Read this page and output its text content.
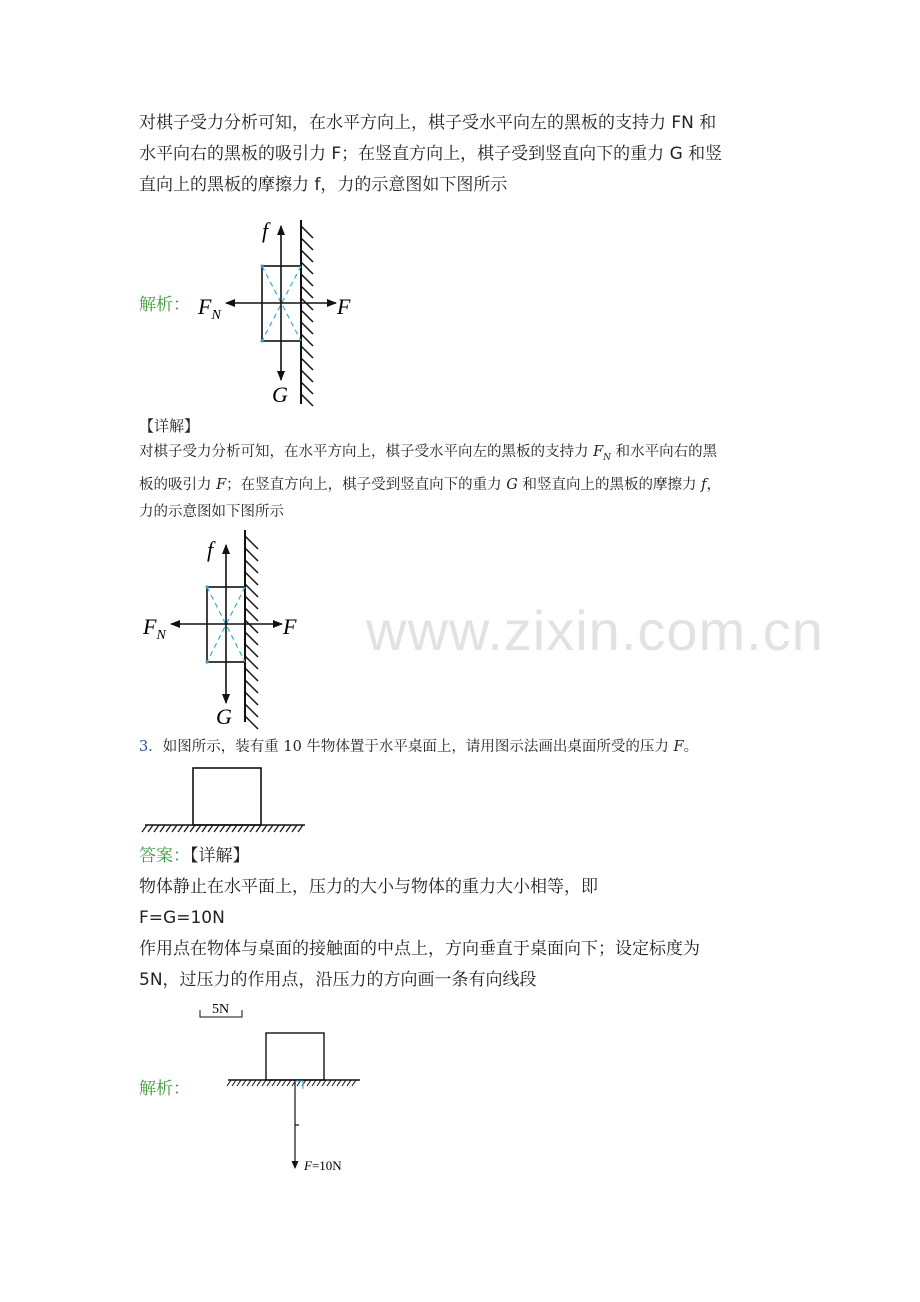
对棋子受力分析可知，在水平方向上，棋子受水平向左的黑板的支持力 FN 和
水平向右的黑板的吸引力 F；在竖直方向上，棋子受到竖直向下的重力 G 和竖
直向上的黑板的摩擦力 f，力的示意图如下图所示
解析：
f
$F_N$	F
G
【详解】
对棋子受力分析可知，在水平方向上，棋子受水平向左的黑板的支持力 $F_N$ 和水平向右的黑
板的吸引力 F；在竖直方向上，棋子受到竖直向下的重力 G 和竖直向上的黑板的摩擦力 f，
力的示意图如下图所示
f
$F_N$	F
G
www.zixin.com.cn
3．如图所示，装有重 10 牛物体置于水平桌面上，请用图示法画出桌面所受的压力 F。
答案：【详解】
物体静止在水平面上，压力的大小与物体的重力大小相等，即
F=G=10N
作用点在物体与桌面的接触面的中点上，方向垂直于桌面向下；设定标度为
5N，过压力的作用点，沿压力的方向画一条有向线段
解析：
5N
F=10N
